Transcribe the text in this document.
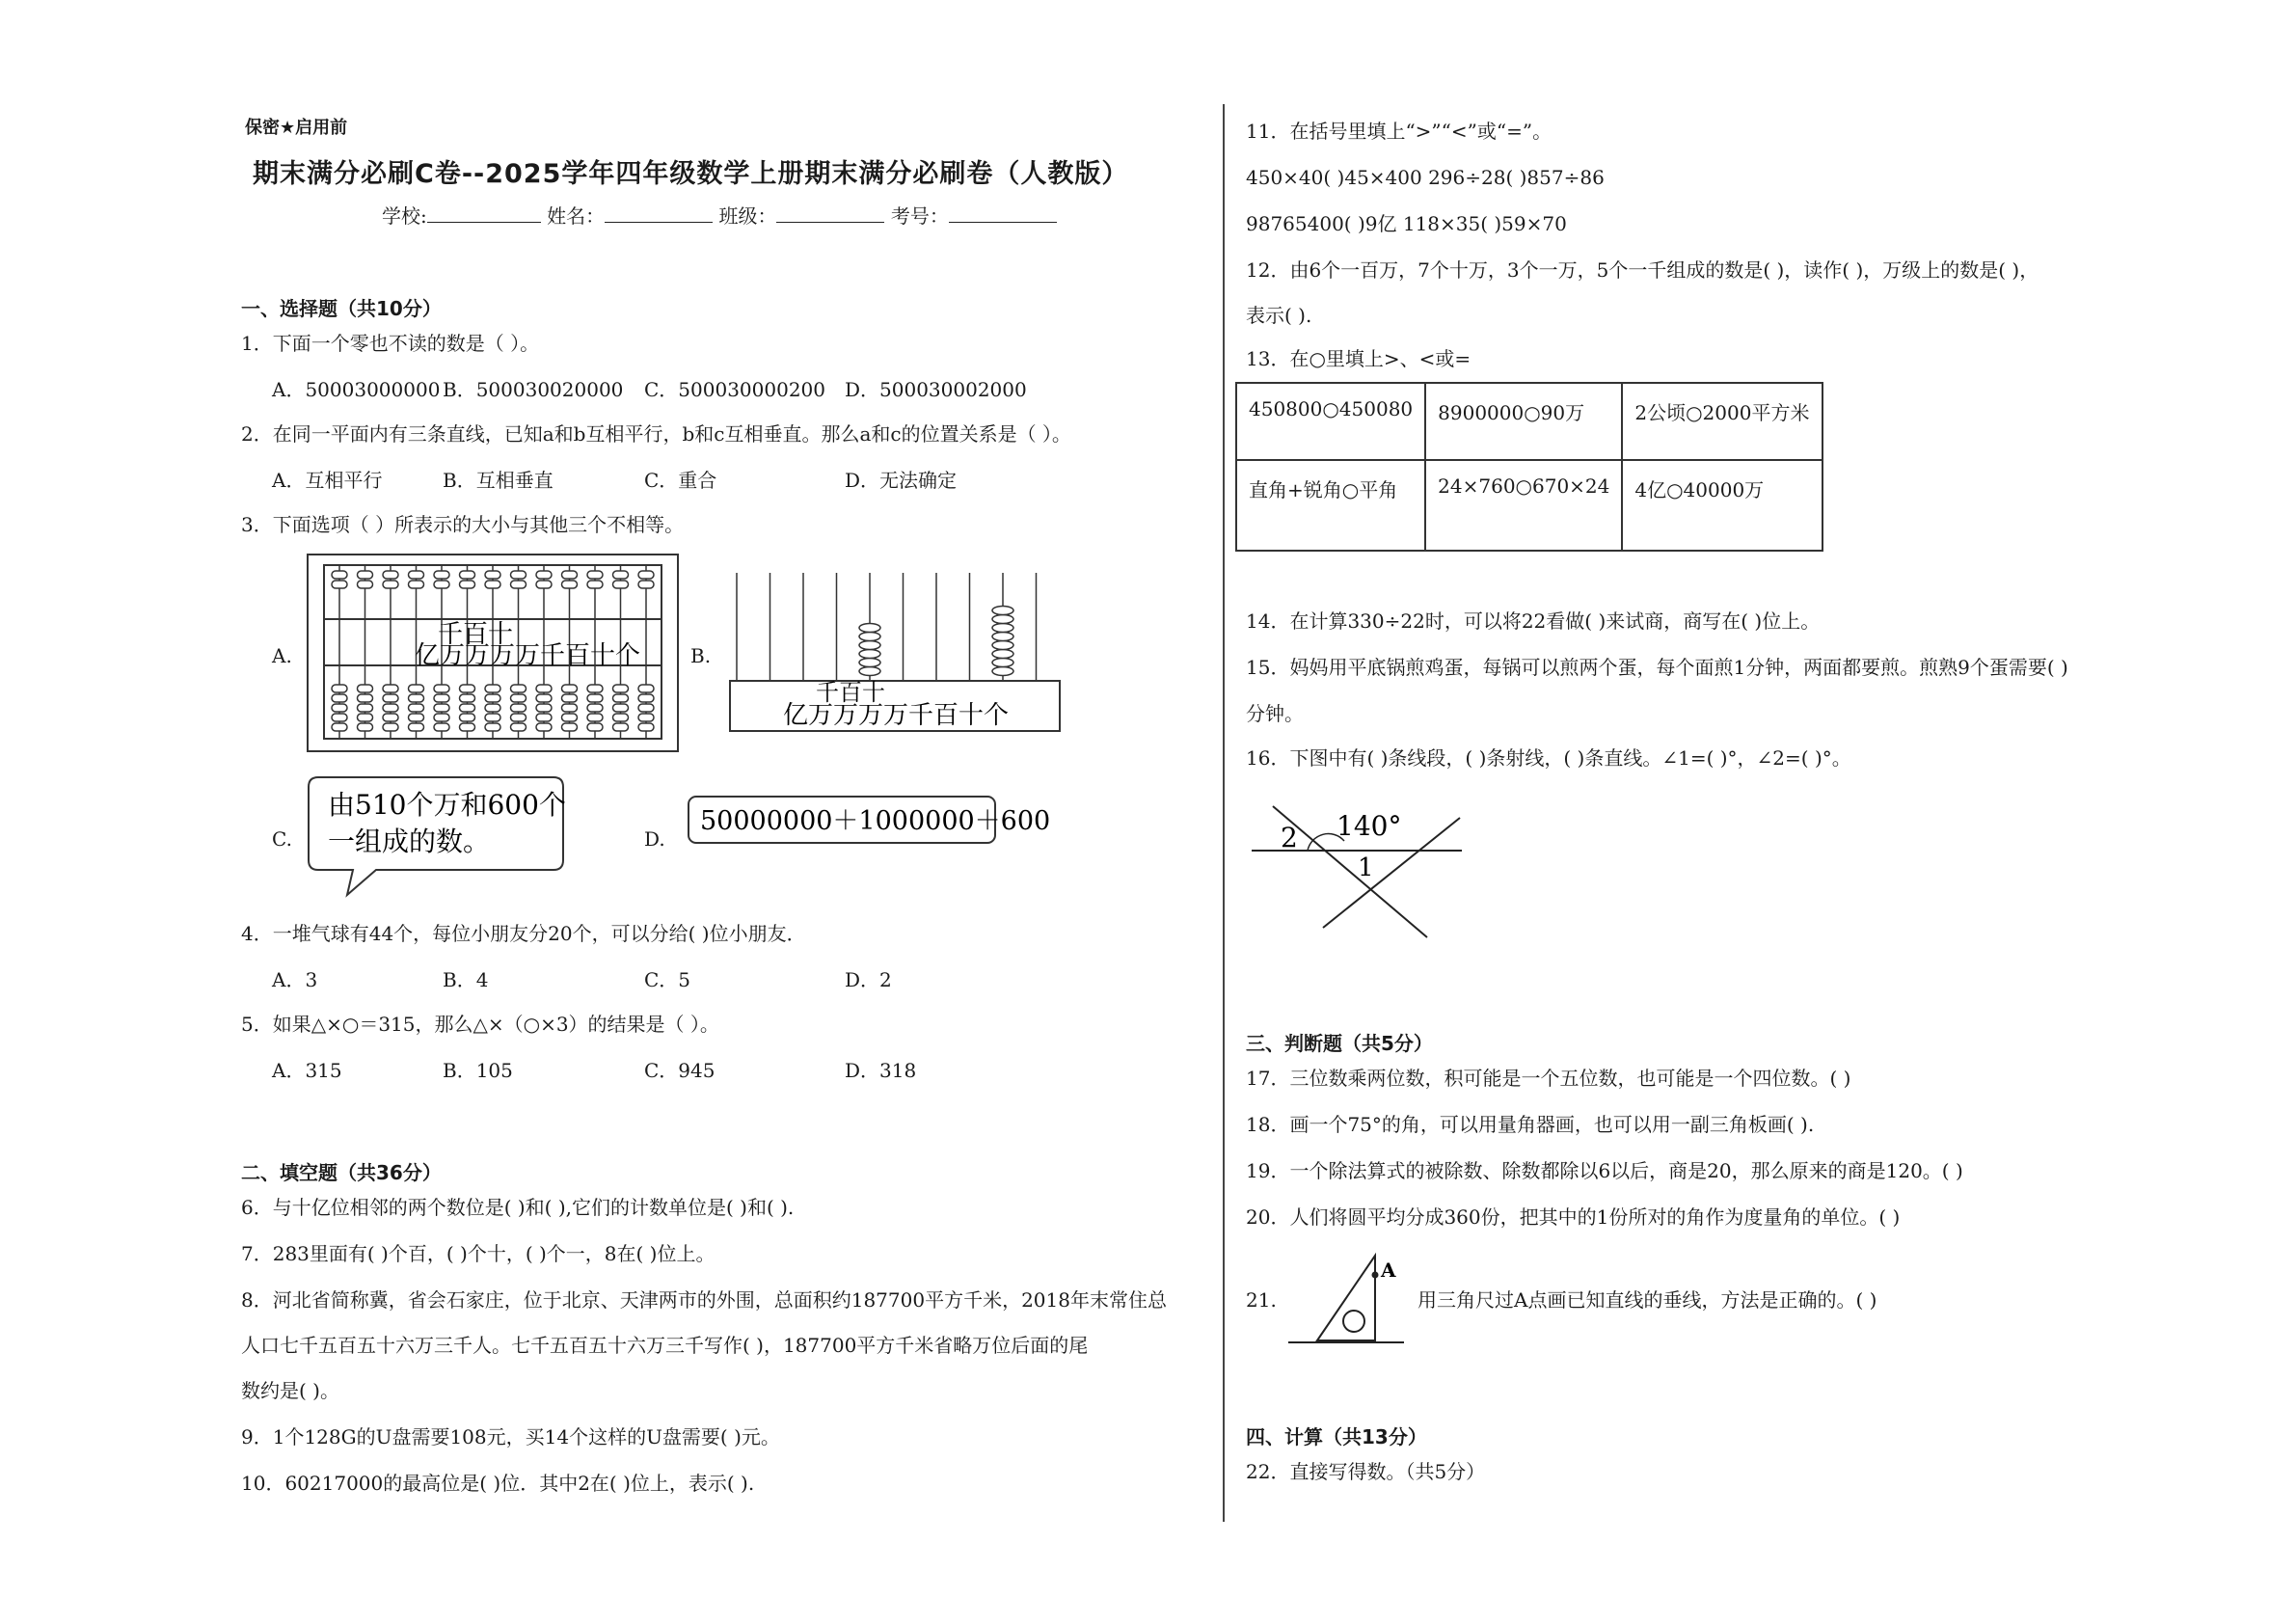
保密★启用前
期末满分必刷C卷--2025学年四年级数学上册期末满分必刷卷（人教版）
学校:	姓名：	班级：	考号：
一、选择题（共10分）
1．下面一个零也不读的数是（ ）。
A．50003000000 B．500030020000 C．500030000200 D．500030002000
2．在同一平面内有三条直线，已知a和b互相平行，b和c互相垂直。那么a和c的位置关系是（ ）。
A．互相平行	B．互相垂直	C．重合	D．无法确定
3．下面选项（ ）所表示的大小与其他三个不相等。
A.
千百十
亿万万万万千百十个	B.
千百十
亿万万万万千百十个
C.
由510个万和600个
一组成的数。	D.
50000000＋1000000＋600
4．一堆气球有44个，每位小朋友分20个，可以分给( )位小朋友．
A．3	B．4	C．5	D．2
5．如果△×○＝315，那么△×（○×3）的结果是（ ）。
A．315	B．105	C．945	D．318
二、填空题（共36分）
6．与十亿位相邻的两个数位是( )和( ),它们的计数单位是( )和( ).
7．283里面有( )个百，( )个十，( )个一，8在( )位上。
8．河北省简称冀，省会石家庄，位于北京、天津两市的外围，总面积约187700平方千米，2018年末常住总
人口七千五百五十六万三千人。七千五百五十六万三千写作( )，187700平方千米省略万位后面的尾
数约是( )。
9．1个128G的U盘需要108元，买14个这样的U盘需要( )元。
10．60217000的最高位是( )位．其中2在( )位上，表示( ).
11．在括号里填上“>”“<”或“=”。
450×40( )45×400 296÷28( )857÷86
98765400( )9亿 118×35( )59×70
12．由6个一百万，7个十万，3个一万，5个一千组成的数是( )，读作( )，万级上的数是( )，
表示( ).
13．在○里填上>、<或=
450800○450080	8900000○90万	2公顷○2000平方米
直角+锐角○平角	24×760○670×24	4亿○40000万
14．在计算330÷22时，可以将22看做( )来试商，商写在( )位上。
15．妈妈用平底锅煎鸡蛋，每锅可以煎两个蛋，每个面煎1分钟，两面都要煎。煎熟9个蛋需要( )
分钟。
16．下图中有( )条线段，( )条射线，( )条直线。∠1=( )°，∠2=( )°。
140°
1
2
三、判断题（共5分）
17．三位数乘两位数，积可能是一个五位数，也可能是一个四位数。( )
18．画一个75°的角，可以用量角器画，也可以用一副三角板画( ).
19．一个除法算式的被除数、除数都除以6以后，商是20，那么原来的商是120。( )
20．人们将圆平均分成360份，把其中的1份所对的角作为度量角的单位。( )
21.
A
用三角尺过A点画已知直线的垂线，方法是正确的。( )
四、计算（共13分）
22．直接写得数。（共5分）
